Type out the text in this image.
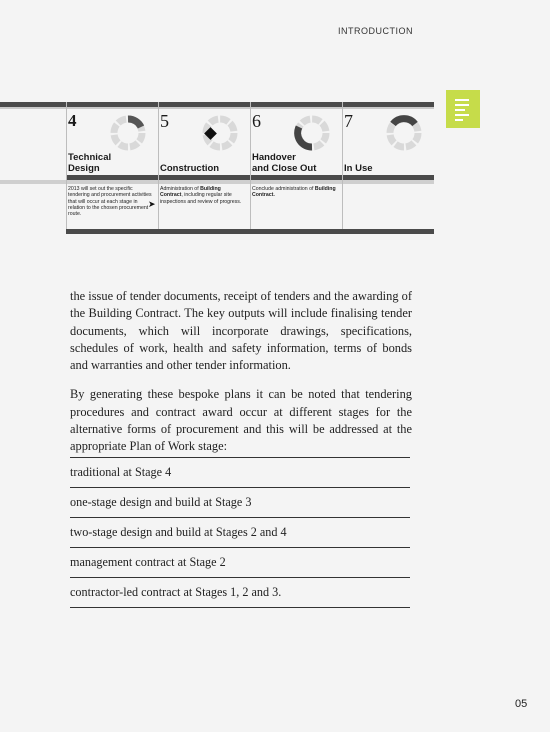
INTRODUCTION
4
Technical
Design
2013 will set out the specific tendering and procurement activities that will occur at each stage in relation to the chosen procurement route.
5
Construction
Administration of Building Contract, including regular site inspections and review of progress.
6
Handover
and Close Out
Conclude administration of Building Contract.
7
In Use
➤

the issue of tender documents, receipt of tenders and the awarding of the Building Contract. The key outputs will include finalising tender documents, which will incorporate drawings, specifications, schedules of work, health and safety information, terms of bonds and warranties and other tender information.

By generating these bespoke plans it can be noted that tendering procedures and contract award occur at different stages for the alternative forms of procurement and this will be addressed at the appropriate Plan of Work stage:

traditional at Stage 4
one-stage design and build at Stage 3
two-stage design and build at Stages 2 and 4
management contract at Stage 2
contractor-led contract at Stages 1, 2 and 3.
05
